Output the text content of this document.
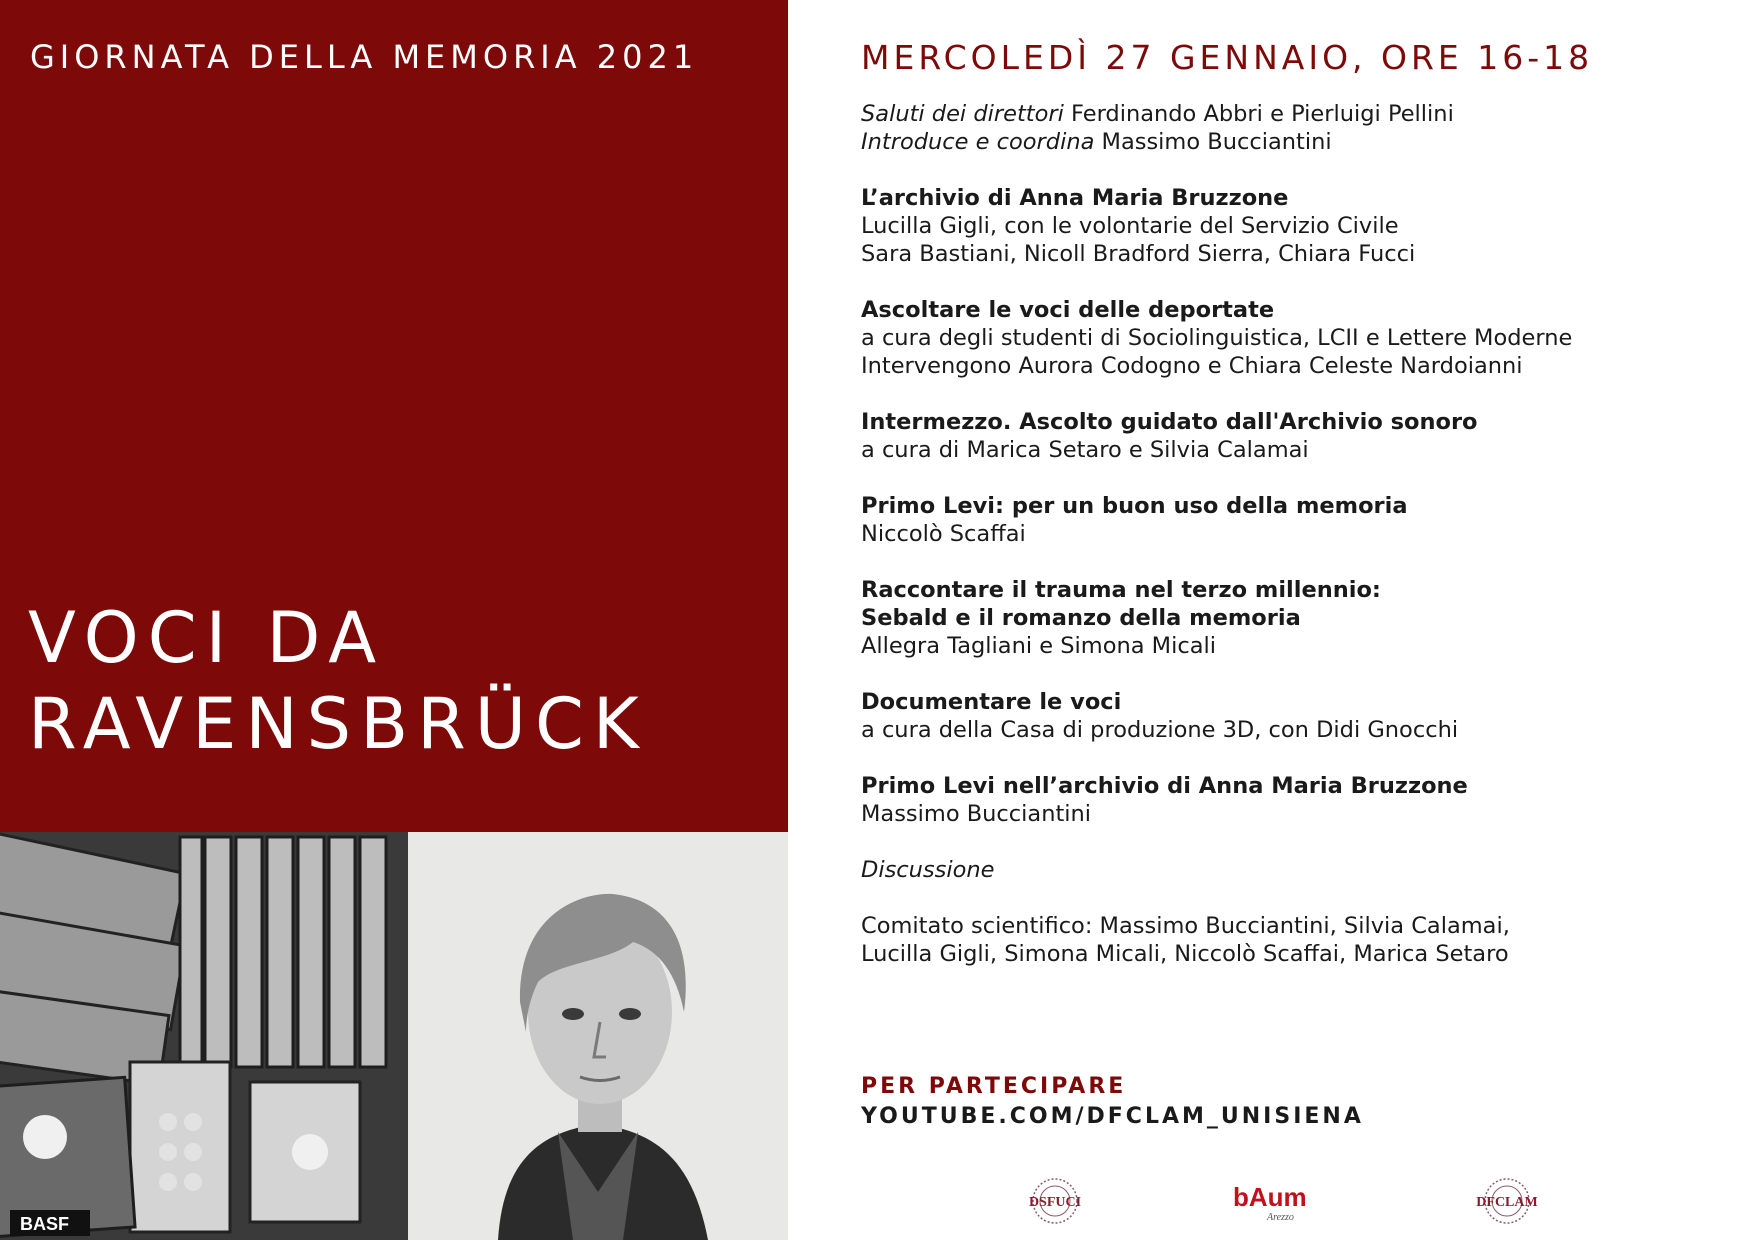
GIORNATA DELLA MEMORIA 2021
VOCI DA
RAVENSBRÜCK
BASF
MERCOLEDÌ 27 GENNAIO, ORE 16-18
Saluti dei direttori Ferdinando Abbri e Pierluigi Pellini
Introduce e coordina Massimo Bucciantini
L’archivio di Anna Maria Bruzzone
Lucilla Gigli, con le volontarie del Servizio Civile
Sara Bastiani, Nicoll Bradford Sierra, Chiara Fucci
Ascoltare le voci delle deportate
a cura degli studenti di Sociolinguistica, LCII e Lettere Moderne
Intervengono Aurora Codogno e Chiara Celeste Nardoianni
Intermezzo. Ascolto guidato dall'Archivio sonoro
a cura di Marica Setaro e Silvia Calamai
Primo Levi: per un buon uso della memoria
Niccolò Scaffai
Raccontare il trauma nel terzo millennio:
Sebald e il romanzo della memoria
Allegra Tagliani e Simona Micali
Documentare le voci
a cura della Casa di produzione 3D, con Didi Gnocchi
Primo Levi nell’archivio di Anna Maria Bruzzone
Massimo Bucciantini
Discussione
Comitato scientifico: Massimo Bucciantini, Silvia Calamai,
Lucilla Gigli, Simona Micali, Niccolò Scaffai, Marica Setaro
PER PARTECIPARE
YOUTUBE.COM/DFCLAM_UNISIENA
DSFUCI	bAum
Arezzo
DFCLAM
